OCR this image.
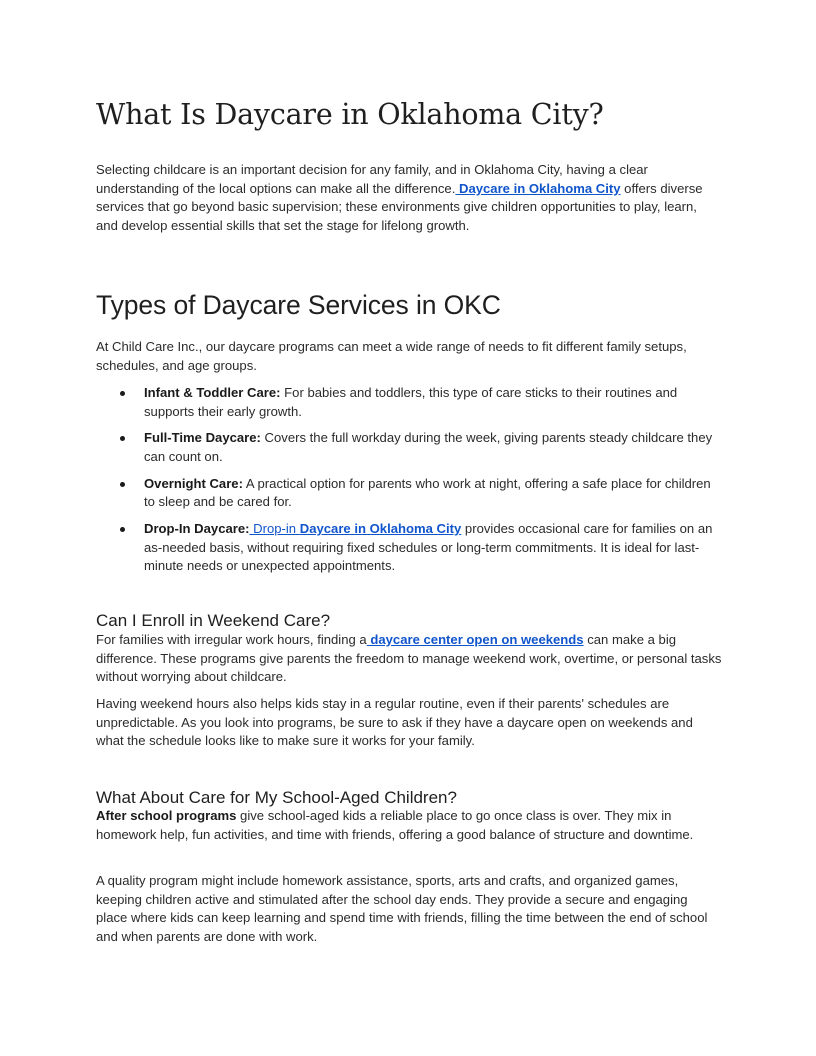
What Is Daycare in Oklahoma City?

Selecting childcare is an important decision for any family, and in Oklahoma City, having a clear understanding of the local options can make all the difference. Daycare in Oklahoma City offers diverse services that go beyond basic supervision; these environments give children opportunities to play, learn, and develop essential skills that set the stage for lifelong growth.

Types of Daycare Services in OKC

At Child Care Inc., our daycare programs can meet a wide range of needs to fit different family setups, schedules, and age groups.

Infant & Toddler Care: For babies and toddlers, this type of care sticks to their routines and supports their early growth.
Full-Time Daycare: Covers the full workday during the week, giving parents steady childcare they can count on.
Overnight Care: A practical option for parents who work at night, offering a safe place for children to sleep and be cared for.
Drop-In Daycare: Drop-in Daycare in Oklahoma City provides occasional care for families on an as-needed basis, without requiring fixed schedules or long-term commitments. It is ideal for last-minute needs or unexpected appointments.
Can I Enroll in Weekend Care?

For families with irregular work hours, finding a daycare center open on weekends can make a big difference. These programs give parents the freedom to manage weekend work, overtime, or personal tasks without worrying about childcare.

Having weekend hours also helps kids stay in a regular routine, even if their parents' schedules are unpredictable. As you look into programs, be sure to ask if they have a daycare open on weekends and what the schedule looks like to make sure it works for your family.

What About Care for My School-Aged Children?

After school programs give school-aged kids a reliable place to go once class is over. They mix in homework help, fun activities, and time with friends, offering a good balance of structure and downtime.

A quality program might include homework assistance, sports, arts and crafts, and organized games, keeping children active and stimulated after the school day ends. They provide a secure and engaging place where kids can keep learning and spend time with friends, filling the time between the end of school and when parents are done with work.
